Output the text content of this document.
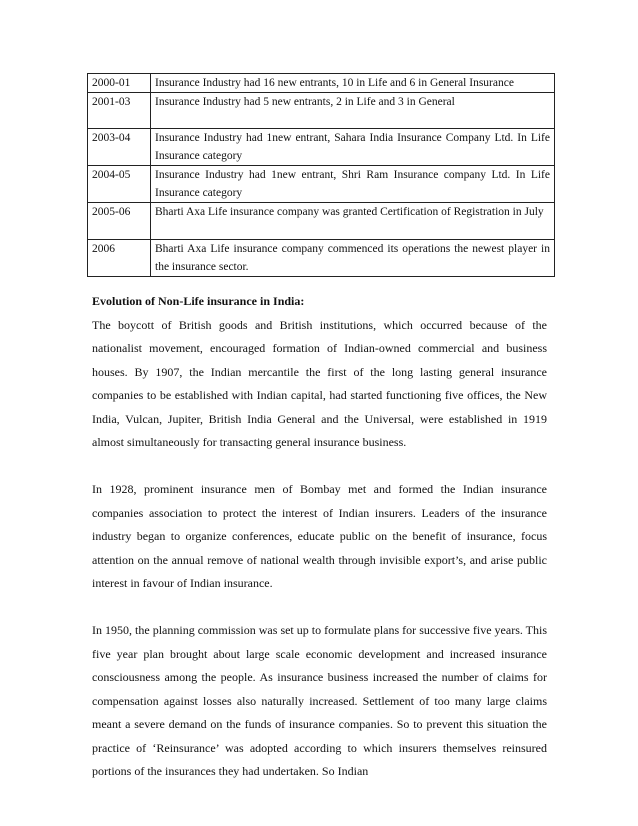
2000-01	Insurance Industry had 16 new entrants, 10 in Life and 6 in General Insurance
2001-03	Insurance Industry had 5 new entrants, 2 in Life and 3 in General
2003-04	Insurance Industry had 1new entrant, Sahara India Insurance Company Ltd. In Life Insurance category
2004-05	Insurance Industry had 1new entrant, Shri Ram Insurance company Ltd. In Life Insurance category
2005-06	Bharti Axa Life insurance company was granted Certification of Registration in July
2006	Bharti Axa Life insurance company commenced its operations the newest player in the insurance sector.

Evolution of Non-Life insurance in India:

The boycott of British goods and British institutions, which occurred because of the nationalist movement, encouraged formation of Indian-owned commercial and business houses. By 1907, the Indian mercantile the first of the long lasting general insurance companies to be established with Indian capital, had started functioning five offices, the New India, Vulcan, Jupiter, British India General and the Universal, were established in 1919 almost simultaneously for transacting general insurance business.

In 1928, prominent insurance men of Bombay met and formed the Indian insurance companies association to protect the interest of Indian insurers. Leaders of the insurance industry began to organize conferences, educate public on the benefit of insurance, focus attention on the annual remove of national wealth through invisible export’s, and arise public interest in favour of Indian insurance.

In 1950, the planning commission was set up to formulate plans for successive five years. This five year plan brought about large scale economic development and increased insurance consciousness among the people. As insurance business increased the number of claims for compensation against losses also naturally increased. Settlement of too many large claims meant a severe demand on the funds of insurance companies. So to prevent this situation the practice of ‘Reinsurance’ was adopted according to which insurers themselves reinsured portions of the insurances they had undertaken. So Indian
